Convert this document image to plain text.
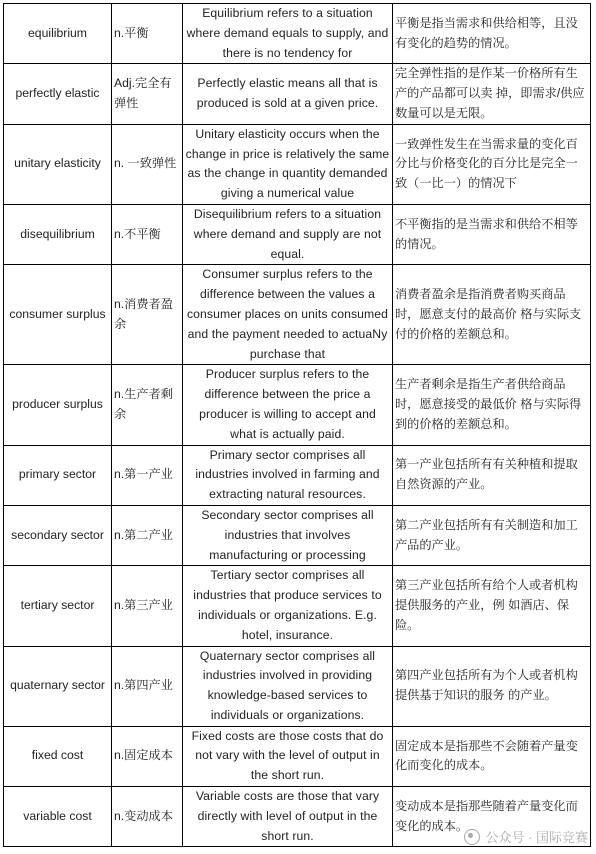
equilibrium	n.平衡	Equilibrium refers to a situation where demand equals to supply, and there is no tendency for	平衡是指当需求和供给相等，且没有变化的趋势的情况。
perfectly elastic	Adj.完全有弹性	Perfectly elastic means all that is produced is sold at a given price.	完全弹性指的是作某一价格所有生产的产品都可以卖 掉，即需求/供应数量可以是无限。
unitary elasticity	n. 一致弹性	Unitary elasticity occurs when the change in price is relatively the same as the change in quantity demanded giving a numerical value	一致弹性发生在当需求量的变化百分比与价格变化的百分比是完全一致（一比一）的情况下
disequilibrium	n.不平衡	Disequilibrium refers to a situation where demand and supply are not equal.	不平衡指的是当需求和供给不相等的情况。
consumer surplus	n.消费者盈余	Consumer surplus refers to the difference between the values a consumer places on units consumed and the payment needed to actuaNy purchase that	消费者盈余是指消费者购买商品时，愿意支付的最高价 格与实际支付的价格的差额总和。
producer surplus	n.生产者剩余	Producer surplus refers to the difference between the price a producer is willing to accept and what is actually paid.	生产者剩余是指生产者供给商品时，愿意接受的最低价 格与实际得到的价格的差额总和。
primary sector	n.第一产业	Primary sector comprises all industries involved in farming and extracting natural resources.	第一产业包括所有有关种植和提取自然资源的产业。
secondary sector	n.第二产业	Secondary sector comprises all industries that involves manufacturing or processing	第二产业包括所有有关制造和加工产品的产业。
tertiary sector	n.第三产业	Tertiary sector comprises all industries that produce services to individuals or organizations. E.g. hotel, insurance.	第三产业包括所有给个人或者机构提供服务的产业，例 如酒店、保险。
quaternary sector	n.第四产业	Quaternary sector comprises all industries involved in providing knowledge-based services to individuals or organizations.	第四产业包括所有为个人或者机构提供基于知识的服务 的产业。
fixed cost	n.固定成本	Fixed costs are those costs that do not vary with the level of output in the short run.	固定成本是指那些不会随着产量变化而变化的成本。
variable cost	n.变动成本	Variable costs are those that vary directly with level of output in the short run.	变动成本是指那些随着产量变化而变化的成本。
公众号 · 国际竞赛
